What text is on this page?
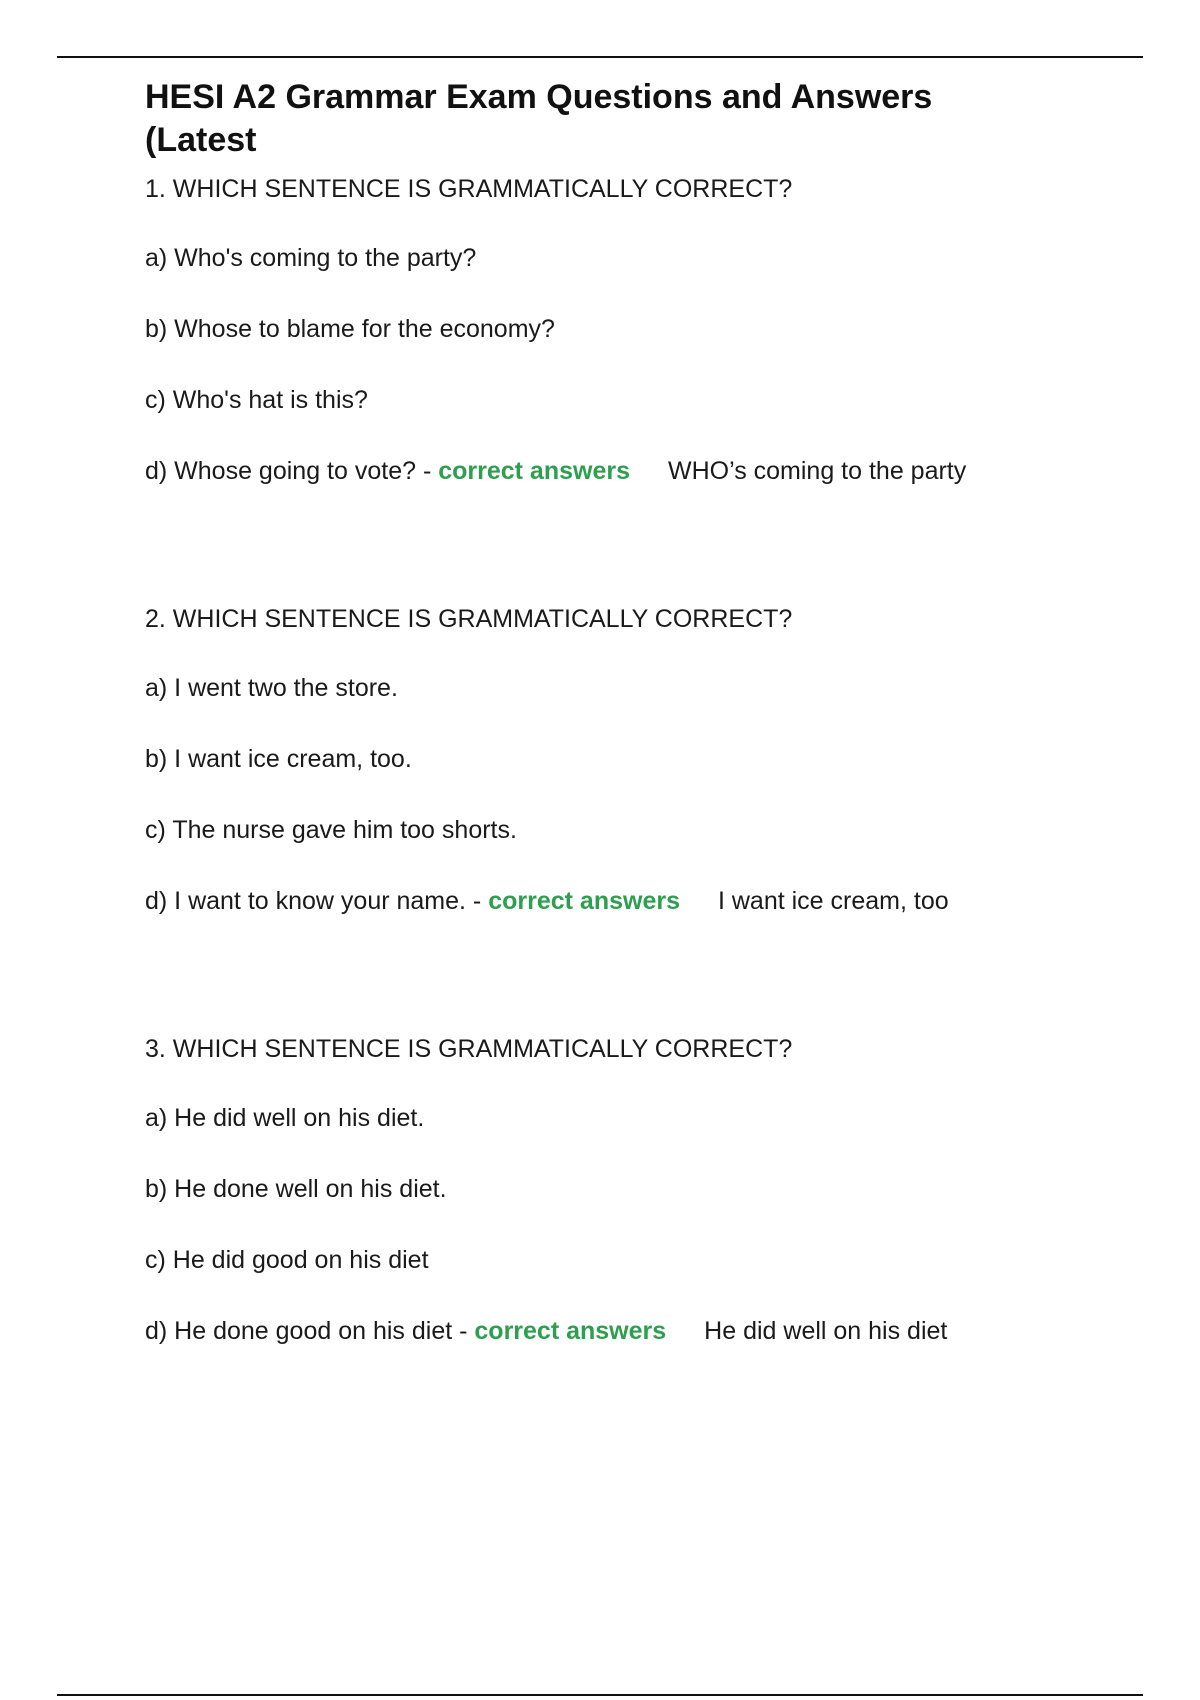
HESI A2 Grammar Exam Questions and Answers (Latest
1. WHICH SENTENCE IS GRAMMATICALLY CORRECT?
a) Who's coming to the party?
b) Whose to blame for the economy?
c) Who's hat is this?
d) Whose going to vote? - correct answers WHO’s coming to the party
2. WHICH SENTENCE IS GRAMMATICALLY CORRECT?
a) I went two the store.
b) I want ice cream, too.
c) The nurse gave him too shorts.
d) I want to know your name. - correct answers I want ice cream, too
3. WHICH SENTENCE IS GRAMMATICALLY CORRECT?
a) He did well on his diet.
b) He done well on his diet.
c) He did good on his diet
d) He done good on his diet - correct answers He did well on his diet
